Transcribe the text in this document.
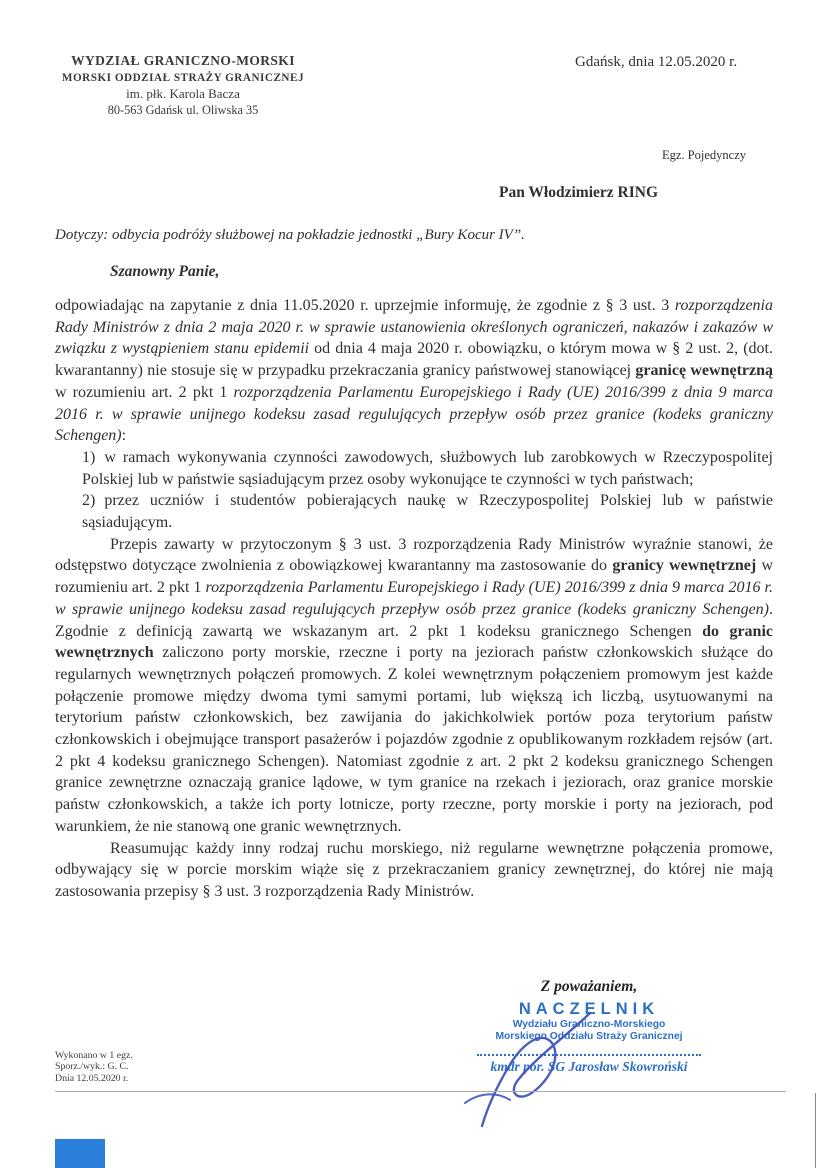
WYDZIAŁ GRANICZNO-MORSKI
MORSKI ODDZIAŁ STRAŻY GRANICZNEJ
im. płk. Karola Bacza
80-563 Gdańsk ul. Oliwska 35
Gdańsk, dnia 12.05.2020 r.
Egz. Pojedynczy
Pan Włodzimierz RING
Dotyczy: odbycia podróży służbowej na pokładzie jednostki „Bury Kocur IV”.
Szanowny Panie,

odpowiadając na zapytanie z dnia 11.05.2020 r. uprzejmie informuję, że zgodnie z § 3 ust. 3 rozporządzenia Rady Ministrów z dnia 2 maja 2020 r. w sprawie ustanowienia określonych ograniczeń, nakazów i zakazów w związku z wystąpieniem stanu epidemii od dnia 4 maja 2020 r. obowiązku, o którym mowa w § 2 ust. 2, (dot. kwarantanny) nie stosuje się w przypadku przekraczania granicy państwowej stanowiącej granicę wewnętrzną w rozumieniu art. 2 pkt 1 rozporządzenia Parlamentu Europejskiego i Rady (UE) 2016/399 z dnia 9 marca 2016 r. w sprawie unijnego kodeksu zasad regulujących przepływ osób przez granice (kodeks graniczny Schengen):

1) w ramach wykonywania czynności zawodowych, służbowych lub zarobkowych w Rzeczypospolitej Polskiej lub w państwie sąsiadującym przez osoby wykonujące te czynności w tych państwach;
2) przez uczniów i studentów pobierających naukę w Rzeczypospolitej Polskiej lub w państwie sąsiadującym.

Przepis zawarty w przytoczonym § 3 ust. 3 rozporządzenia Rady Ministrów wyraźnie stanowi, że odstępstwo dotyczące zwolnienia z obowiązkowej kwarantanny ma zastosowanie do granicy wewnętrznej w rozumieniu art. 2 pkt 1 rozporządzenia Parlamentu Europejskiego i Rady (UE) 2016/399 z dnia 9 marca 2016 r. w sprawie unijnego kodeksu zasad regulujących przepływ osób przez granice (kodeks graniczny Schengen). Zgodnie z definicją zawartą we wskazanym art. 2 pkt 1 kodeksu granicznego Schengen do granic wewnętrznych zaliczono porty morskie, rzeczne i porty na jeziorach państw członkowskich służące do regularnych wewnętrznych połączeń promowych. Z kolei wewnętrznym połączeniem promowym jest każde połączenie promowe między dwoma tymi samymi portami, lub większą ich liczbą, usytuowanymi na terytorium państw członkowskich, bez zawijania do jakichkolwiek portów poza terytorium państw członkowskich i obejmujące transport pasażerów i pojazdów zgodnie z opublikowanym rozkładem rejsów (art. 2 pkt 4 kodeksu granicznego Schengen). Natomiast zgodnie z art. 2 pkt 2 kodeksu granicznego Schengen granice zewnętrzne oznaczają granice lądowe, w tym granice na rzekach i jeziorach, oraz granice morskie państw członkowskich, a także ich porty lotnicze, porty rzeczne, porty morskie i porty na jeziorach, pod warunkiem, że nie stanową one granic wewnętrznych.

Reasumując każdy inny rodzaj ruchu morskiego, niż regularne wewnętrzne połączenia promowe, odbywający się w porcie morskim wiąże się z przekraczaniem granicy zewnętrznej, do której nie mają zastosowania przepisy § 3 ust. 3 rozporządzenia Rady Ministrów.

Z poważaniem,
NACZELNIK
Wydziału Graniczno-Morskiego
Morskiego Oddziału Straży Granicznej
kmdr por. SG Jarosław Skowroński
Wykonano w 1 egz.
Sporz./wyk.: G. C.
Dnia 12.05.2020 r.
